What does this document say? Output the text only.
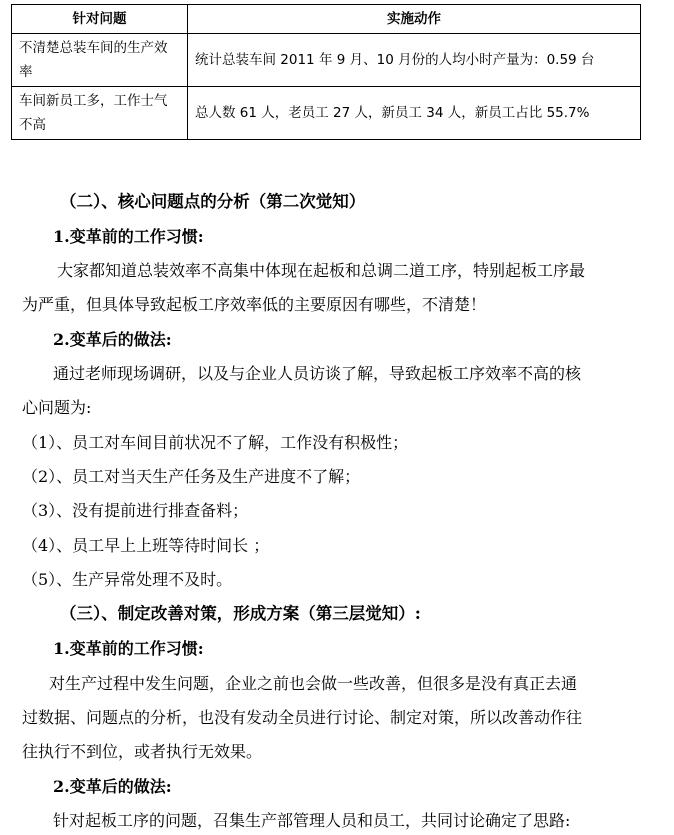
针对问题	实施动作
不清楚总装车间的生产效率	统计总装车间 2011 年 9 月、10 月份的人均小时产量为：0.59 台
车间新员工多，工作士气不高	总人数 61 人，老员工 27 人，新员工 34 人，新员工占比 55.7%
（二）、核心问题点的分析（第二次觉知）
1.变革前的工作习惯:
大家都知道总装效率不高集中体现在起板和总调二道工序，特别起板工序最
为严重，但具体导致起板工序效率低的主要原因有哪些，不清楚！
2.变革后的做法:
通过老师现场调研，以及与企业人员访谈了解，导致起板工序效率不高的核
心问题为:
（1）、员工对车间目前状况不了解，工作没有积极性；
（2）、员工对当天生产任务及生产进度不了解；
（3）、没有提前进行排查备料；
（4）、员工早上上班等待时间长 ；
（5）、生产异常处理不及时。
（三）、制定改善对策，形成方案（第三层觉知）:
1.变革前的工作习惯:
对生产过程中发生问题，企业之前也会做一些改善，但很多是没有真正去通
过数据、问题点的分析，也没有发动全员进行讨论、制定对策，所以改善动作往
往执行不到位，或者执行无效果。
2.变革后的做法:
针对起板工序的问题，召集生产部管理人员和员工，共同讨论确定了思路:
